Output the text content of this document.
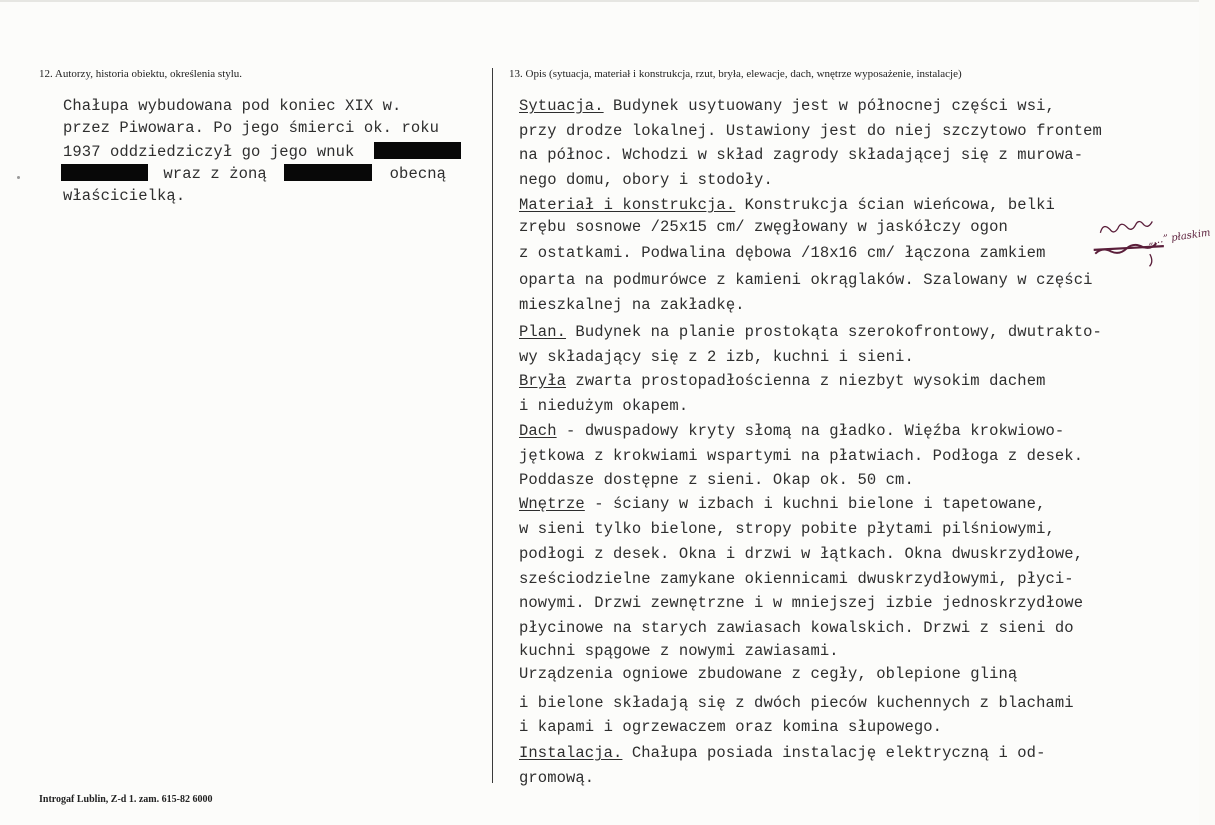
12. Autorzy, historia obiektu, określenia stylu.
Chałupa wybudowana pod koniec XIX w.
przez Piwowara. Po jego śmierci ok. roku
1937 oddziedziczył go jego wnuk
wraz z żoną	obecną
właścicielką.
13. Opis (sytuacja, materiał i konstrukcja, rzut, bryła, elewacje, dach, wnętrze wyposażenie, instalacje)
Sytuacja. Budynek usytuowany jest w północnej części wsi,
przy drodze lokalnej. Ustawiony jest do niej szczytowo frontem
na północ. Wchodzi w skład zagrody składającej się z murowa-
nego domu, obory i stodoły.
Materiał i konstrukcja. Konstrukcja ścian wieńcowa, belki
zrębu sosnowe /25x15 cm/ zwęgłowany w jaskółczy ogon
z ostatkami. Podwalina dębowa /18x16 cm/ łączona zamkiem
oparta na podmurówce z kamieni okrąglaków. Szalowany w części
mieszkalnej na zakładkę.
Plan. Budynek na planie prostokąta szerokofrontowy, dwutrakto-
wy składający się z 2 izb, kuchni i sieni.
Bryła zwarta prostopadłościenna z niezbyt wysokim dachem
i niedużym okapem.
Dach - dwuspadowy kryty słomą na gładko. Więźba krokwiowo-
jętkowa z krokwiami wspartymi na płatwiach. Podłoga z desek.
Poddasze dostępne z sieni. Okap ok. 50 cm.
Wnętrze - ściany w izbach i kuchni bielone i tapetowane,
w sieni tylko bielone, stropy pobite płytami pilśniowymi,
podłogi z desek. Okna i drzwi w łątkach. Okna dwuskrzydłowe,
sześciodzielne zamykane okiennicami dwuskrzydłowymi, płyci-
nowymi. Drzwi zewnętrzne i w mniejszej izbie jednoskrzydłowe
płycinowe na starych zawiasach kowalskich. Drzwi z sieni do
kuchni spągowe z nowymi zawiasami.
Urządzenia ogniowe zbudowane z cegły, oblepione gliną
i bielone składają się z dwóch pieców kuchennych z blachami
i kapami i ogrzewaczem oraz komina słupowego.
Instalacja. Chałupa posiada instalację elektryczną i od-
gromową.
„…” płaskim
Introgaf Lublin, Z-d 1. zam. 615-82 6000
